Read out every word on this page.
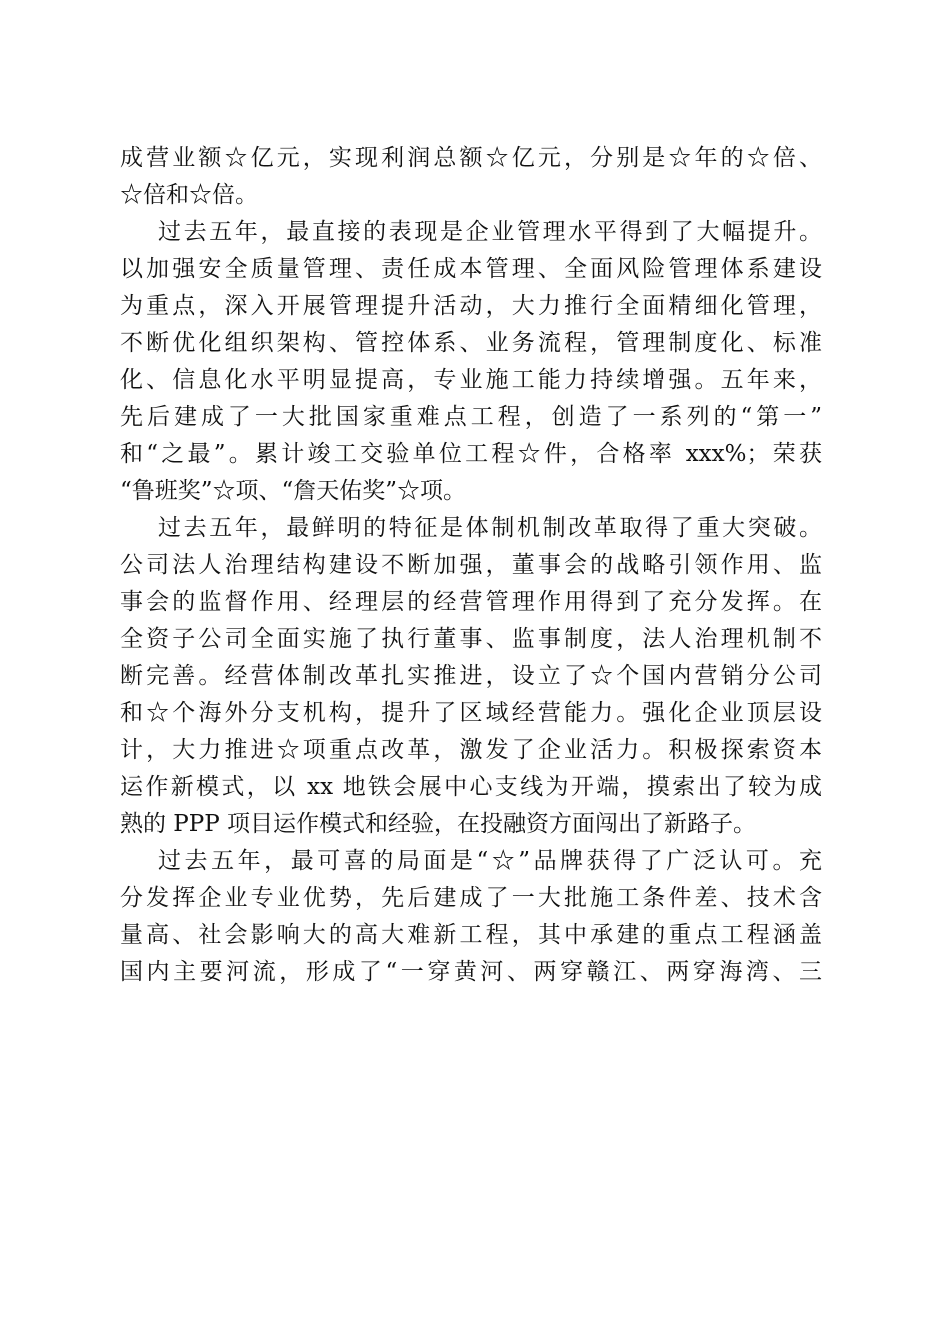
成营业额☆亿元，实现利润总额☆亿元，分别是☆年的☆倍、
☆倍和☆倍。
过去五年，最直接的表现是企业管理水平得到了大幅提升。
以加强安全质量管理、责任成本管理、全面风险管理体系建设
为重点，深入开展管理提升活动，大力推行全面精细化管理，
不断优化组织架构、管控体系、业务流程，管理制度化、标准
化、信息化水平明显提高，专业施工能力持续增强。五年来，
先后建成了一大批国家重难点工程，创造了一系列的“第一”
和“之最”。累计竣工交验单位工程☆件，合格率 xxx%；荣获
“鲁班奖”☆项、“詹天佑奖”☆项。
过去五年，最鲜明的特征是体制机制改革取得了重大突破。
公司法人治理结构建设不断加强，董事会的战略引领作用、监
事会的监督作用、经理层的经营管理作用得到了充分发挥。在
全资子公司全面实施了执行董事、监事制度，法人治理机制不
断完善。经营体制改革扎实推进，设立了☆个国内营销分公司
和☆个海外分支机构，提升了区域经营能力。强化企业顶层设
计，大力推进☆项重点改革，激发了企业活力。积极探索资本
运作新模式，以 xx 地铁会展中心支线为开端，摸索出了较为成
熟的 PPP 项目运作模式和经验，在投融资方面闯出了新路子。
过去五年，最可喜的局面是“☆”品牌获得了广泛认可。充
分发挥企业专业优势，先后建成了一大批施工条件差、技术含
量高、社会影响大的高大难新工程，其中承建的重点工程涵盖
国内主要河流，形成了“一穿黄河、两穿赣江、两穿海湾、三
